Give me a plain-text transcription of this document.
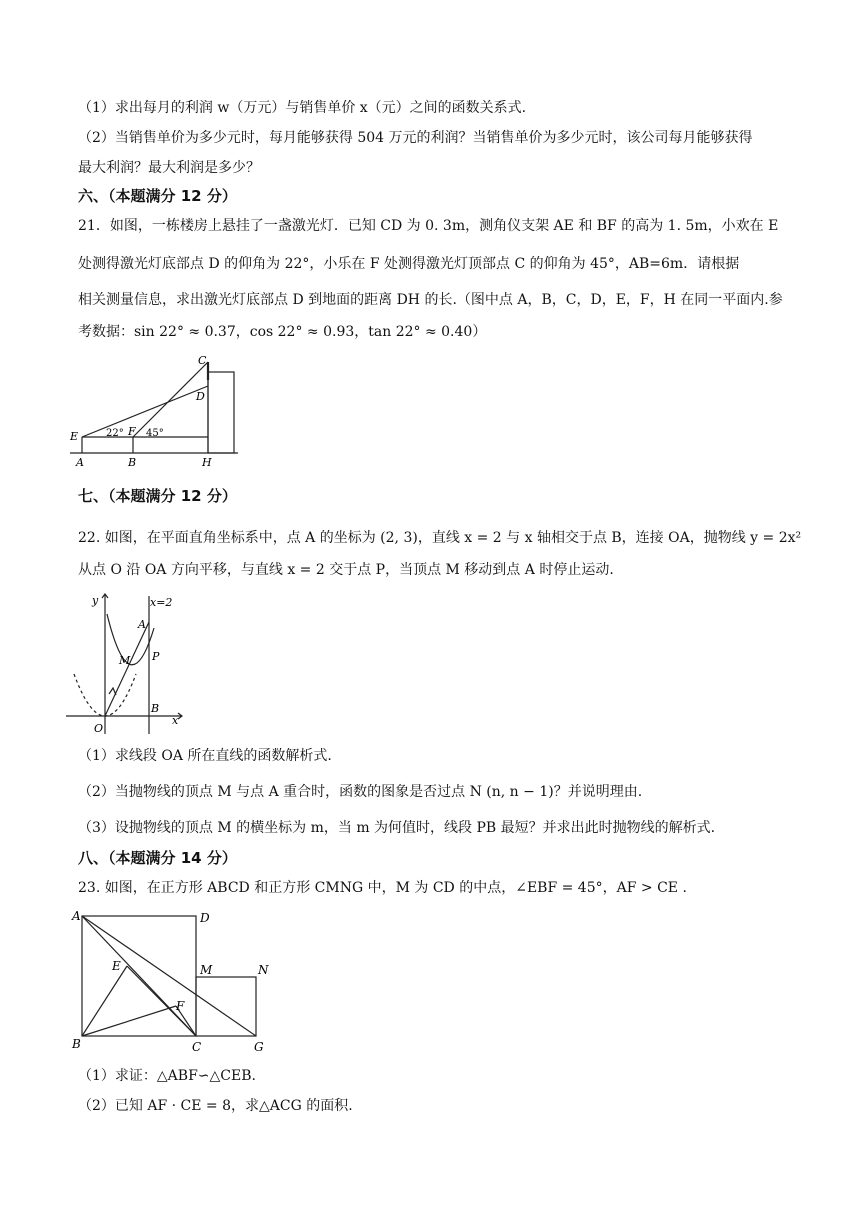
（1）求出每月的利润 w（万元）与销售单价 x（元）之间的函数关系式.
（2）当销售单价为多少元时，每月能够获得 504 万元的利润？当销售单价为多少元时，该公司每月能够获得
最大利润？最大利润是多少？
六、（本题满分 12 分）
21．如图，一栋楼房上悬挂了一盏激光灯．已知 CD 为 0. 3m，测角仪支架 AE 和 BF 的高为 1. 5m，小欢在 E
处测得激光灯底部点 D 的仰角为 22°，小乐在 F 处测得激光灯顶部点 C 的仰角为 45°，AB=6m．请根据
相关测量信息，求出激光灯底部点 D 到地面的距离 DH 的长.（图中点 A，B，C，D，E，F，H 在同一平面内.参
考数据：sin 22° ≈ 0.37，cos 22° ≈ 0.93，tan 22° ≈ 0.40）
C
D
E	F
A	B	H
22° 45°
七、（本题满分 12 分）
22. 如图，在平面直角坐标系中，点 A 的坐标为 (2, 3)，直线 x = 2 与 x 轴相交于点 B，连接 OA，抛物线 y = 2x²
从点 O 沿 OA 方向平移，与直线 x = 2 交于点 P，当顶点 M 移动到点 A 时停止运动.
y
x
x=2
A
M P
B
O
（1）求线段 OA 所在直线的函数解析式.
（2）当抛物线的顶点 M 与点 A 重合时，函数的图象是否过点 N (n, n − 1)？并说明理由.
（3）设抛物线的顶点 M 的横坐标为 m，当 m 为何值时，线段 PB 最短？并求出此时抛物线的解析式.
八、（本题满分 14 分）
23. 如图，在正方形 ABCD 和正方形 CMNG 中，M 为 CD 的中点，∠EBF = 45°，AF > CE .
A	D
E	M	N
F
B	C	G
（1）求证：△ABF∽△CEB.
（2）已知 AF · CE = 8，求△ACG 的面积.
